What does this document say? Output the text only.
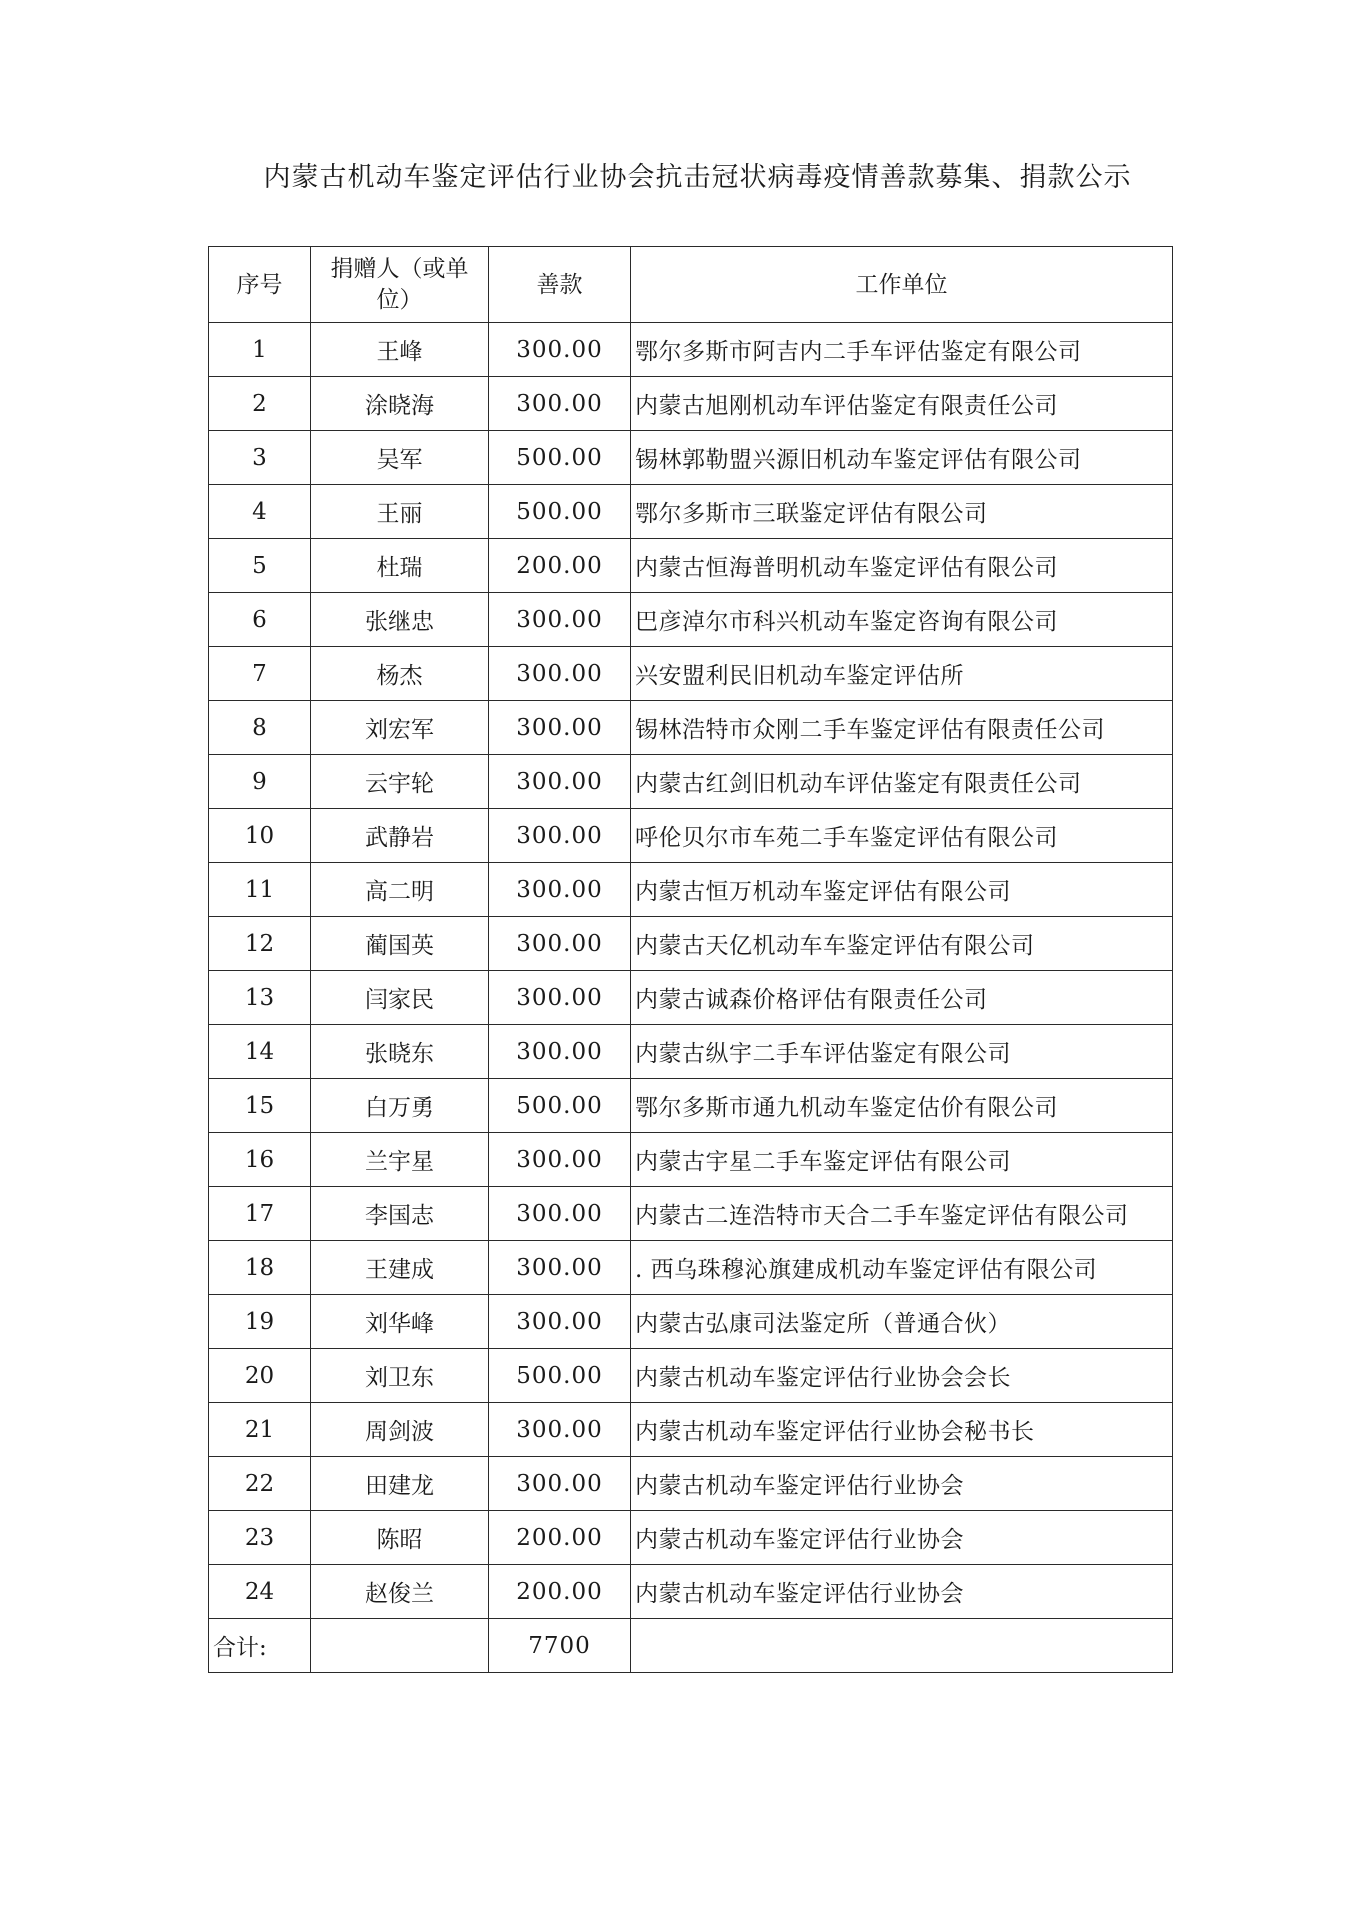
内蒙古机动车鉴定评估行业协会抗击冠状病毒疫情善款募集、捐款公示
序号	捐赠人（或单位）	善款	工作单位
1	王峰	300.00	鄂尔多斯市阿吉内二手车评估鉴定有限公司
2	涂晓海	300.00	内蒙古旭刚机动车评估鉴定有限责任公司
3	吴军	500.00	锡林郭勒盟兴源旧机动车鉴定评估有限公司
4	王丽	500.00	鄂尔多斯市三联鉴定评估有限公司
5	杜瑞	200.00	内蒙古恒海普明机动车鉴定评估有限公司
6	张继忠	300.00	巴彦淖尔市科兴机动车鉴定咨询有限公司
7	杨杰	300.00	兴安盟利民旧机动车鉴定评估所
8	刘宏军	300.00	锡林浩特市众刚二手车鉴定评估有限责任公司
9	云宇轮	300.00	内蒙古红剑旧机动车评估鉴定有限责任公司
10	武静岩	300.00	呼伦贝尔市车苑二手车鉴定评估有限公司
11	高二明	300.00	内蒙古恒万机动车鉴定评估有限公司
12	蔺国英	300.00	内蒙古天亿机动车车鉴定评估有限公司
13	闫家民	300.00	内蒙古诚森价格评估有限责任公司
14	张晓东	300.00	内蒙古纵宇二手车评估鉴定有限公司
15	白万勇	500.00	鄂尔多斯市通九机动车鉴定估价有限公司
16	兰宇星	300.00	内蒙古宇星二手车鉴定评估有限公司
17	李国志	300.00	内蒙古二连浩特市天合二手车鉴定评估有限公司
18	王建成	300.00	. 西乌珠穆沁旗建成机动车鉴定评估有限公司
19	刘华峰	300.00	内蒙古弘康司法鉴定所（普通合伙）
20	刘卫东	500.00	内蒙古机动车鉴定评估行业协会会长
21	周剑波	300.00	内蒙古机动车鉴定评估行业协会秘书长
22	田建龙	300.00	内蒙古机动车鉴定评估行业协会
23	陈昭	200.00	内蒙古机动车鉴定评估行业协会
24	赵俊兰	200.00	内蒙古机动车鉴定评估行业协会
合计:		7700	
